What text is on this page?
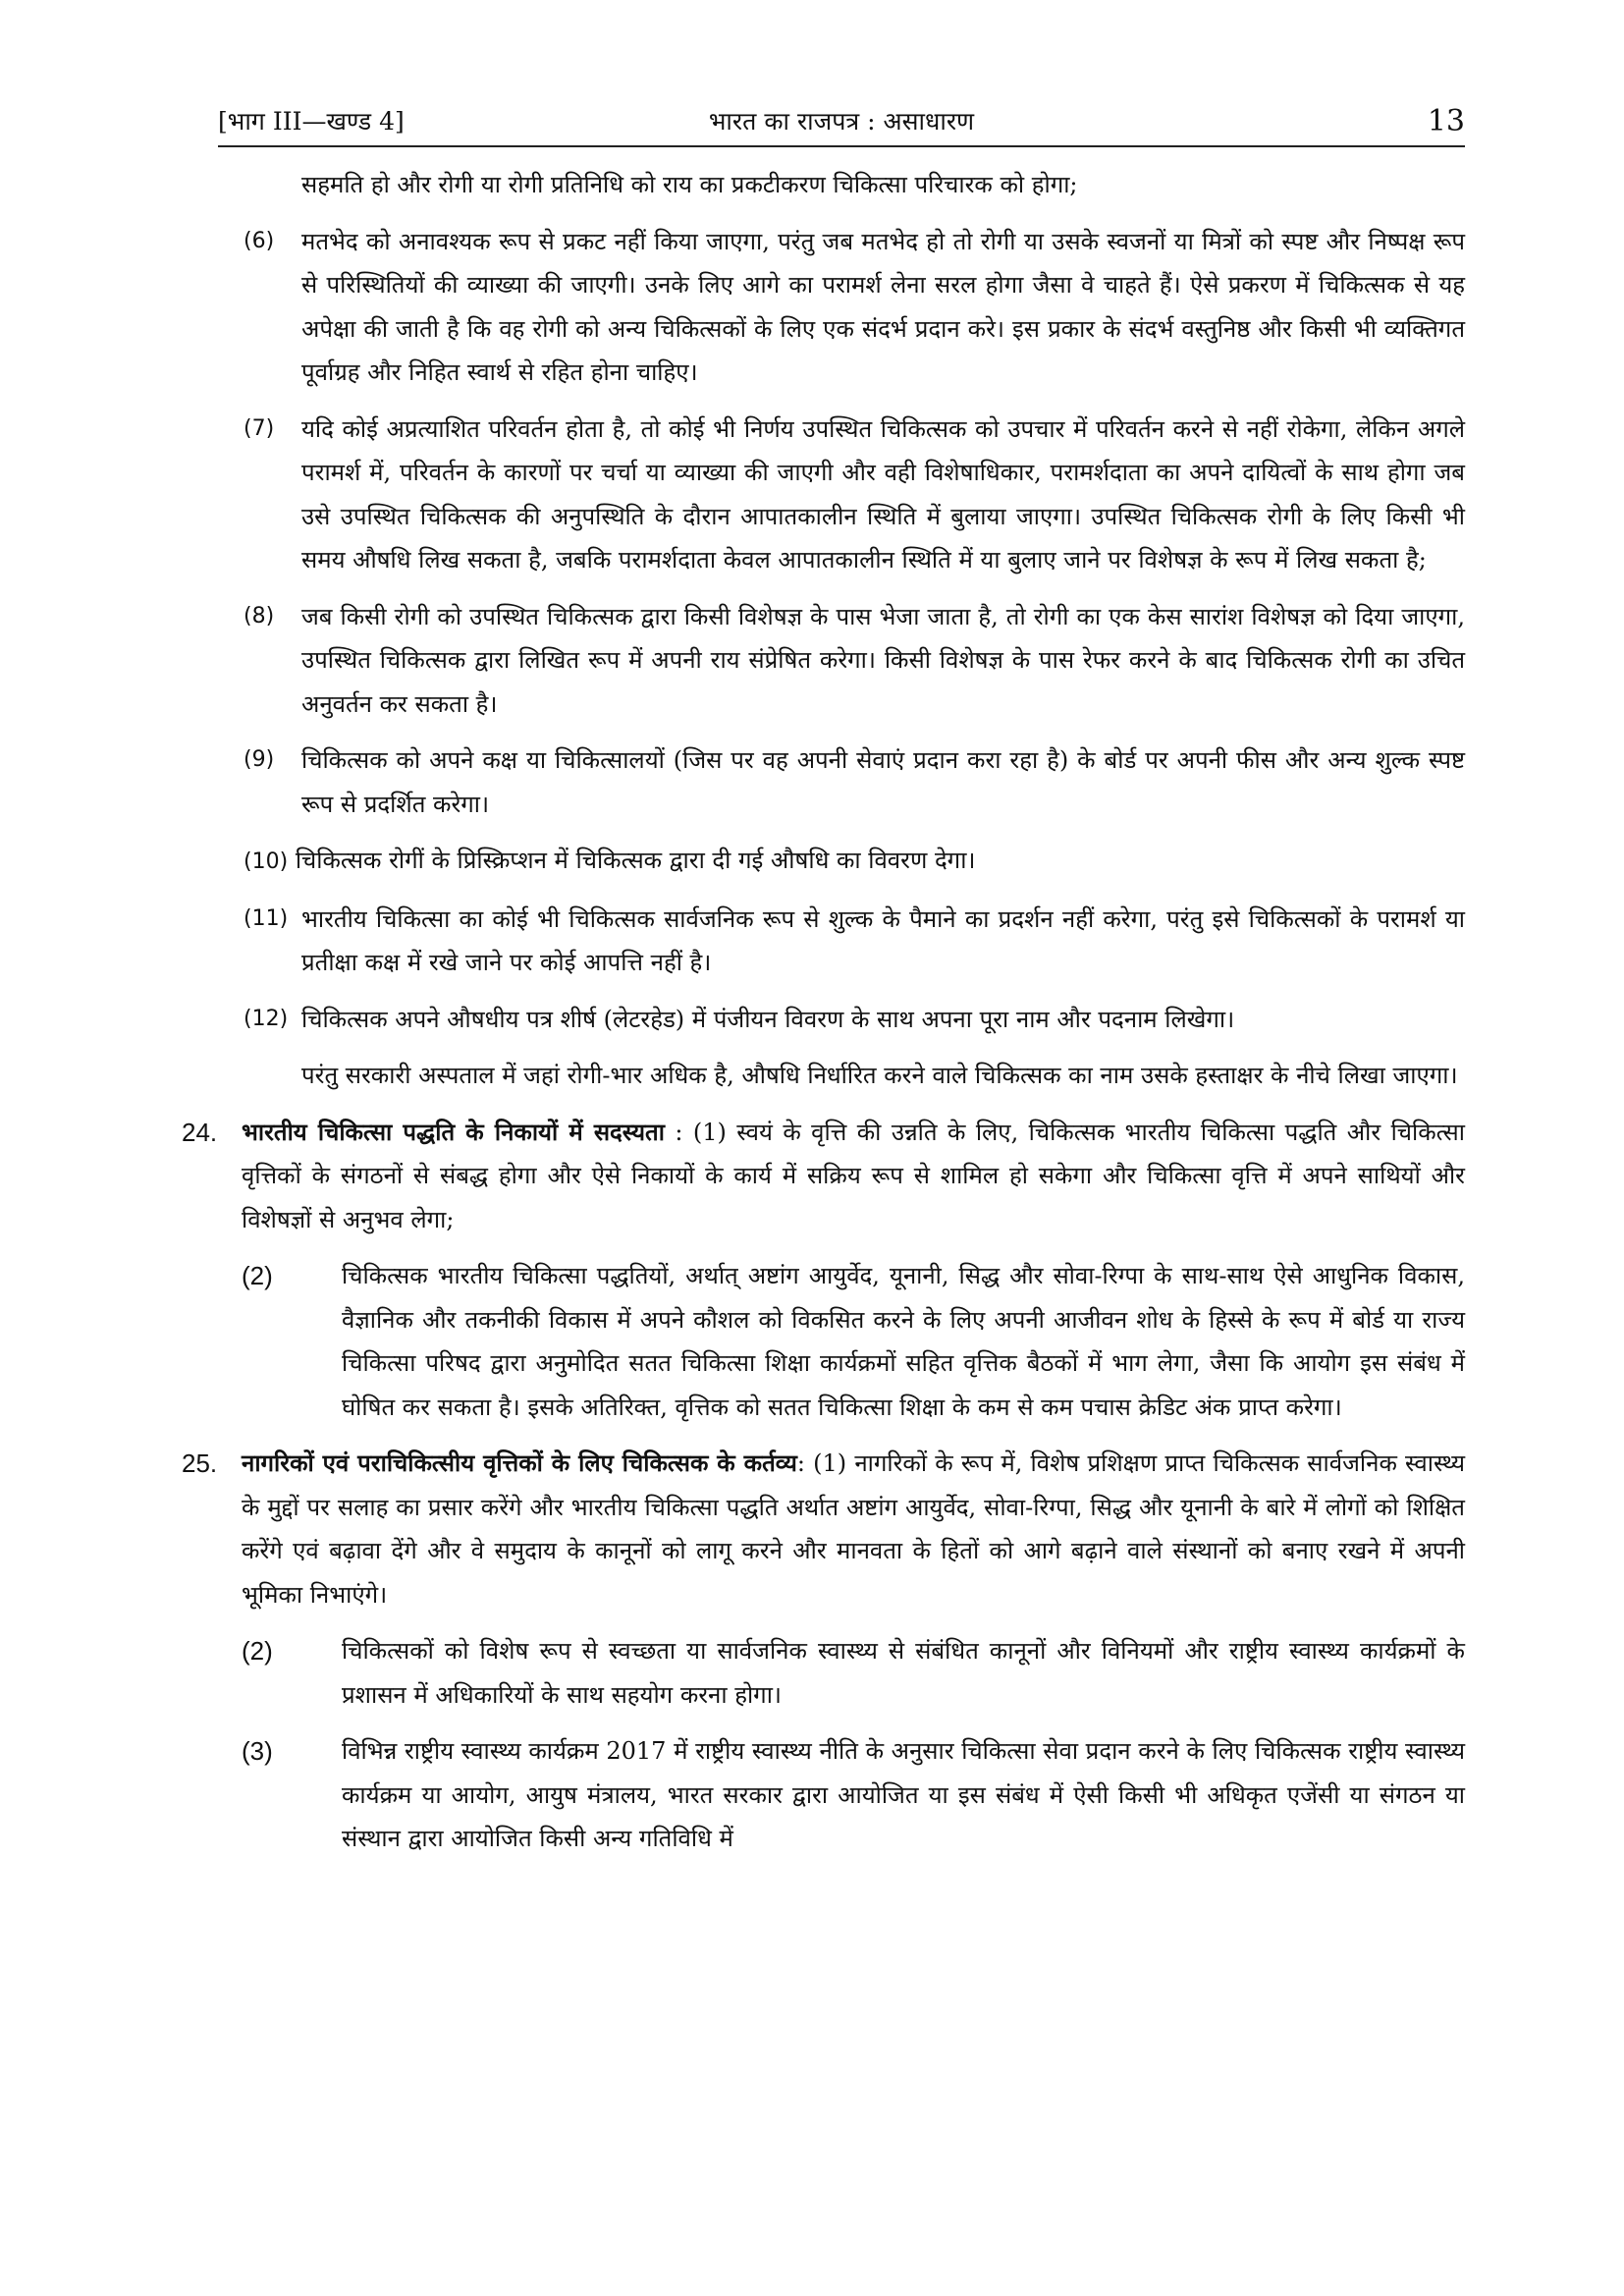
[भाग III—खण्ड 4]	भारत का राजपत्र : असाधारण	13

सहमति हो और रोगी या रोगी प्रतिनिधि को राय का प्रकटीकरण चिकित्सा परिचारक को होगा;

(6) मतभेद को अनावश्यक रूप से प्रकट नहीं किया जाएगा, परंतु जब मतभेद हो तो रोगी या उसके स्वजनों या मित्रों को स्पष्ट और निष्पक्ष रूप से परिस्थितियों की व्याख्या की जाएगी। उनके लिए आगे का परामर्श लेना सरल होगा जैसा वे चाहते हैं। ऐसे प्रकरण में चिकित्सक से यह अपेक्षा की जाती है कि वह रोगी को अन्य चिकित्सकों के लिए एक संदर्भ प्रदान करे। इस प्रकार के संदर्भ वस्तुनिष्ठ और किसी भी व्यक्तिगत पूर्वाग्रह और निहित स्वार्थ से रहित होना चाहिए।

(7) यदि कोई अप्रत्याशित परिवर्तन होता है, तो कोई भी निर्णय उपस्थित चिकित्सक को उपचार में परिवर्तन करने से नहीं रोकेगा, लेकिन अगले परामर्श में, परिवर्तन के कारणों पर चर्चा या व्याख्या की जाएगी और वही विशेषाधिकार, परामर्शदाता का अपने दायित्वों के साथ होगा जब उसे उपस्थित चिकित्सक की अनुपस्थिति के दौरान आपातकालीन स्थिति में बुलाया जाएगा। उपस्थित चिकित्सक रोगी के लिए किसी भी समय औषधि लिख सकता है, जबकि परामर्शदाता केवल आपातकालीन स्थिति में या बुलाए जाने पर विशेषज्ञ के रूप में लिख सकता है;

(8) जब किसी रोगी को उपस्थित चिकित्सक द्वारा किसी विशेषज्ञ के पास भेजा जाता है, तो रोगी का एक केस सारांश विशेषज्ञ को दिया जाएगा, उपस्थित चिकित्सक द्वारा लिखित रूप में अपनी राय संप्रेषित करेगा। किसी विशेषज्ञ के पास रेफर करने के बाद चिकित्सक रोगी का उचित अनुवर्तन कर सकता है।

(9) चिकित्सक को अपने कक्ष या चिकित्सालयों (जिस पर वह अपनी सेवाएं प्रदान करा रहा है) के बोर्ड पर अपनी फीस और अन्य शुल्क स्पष्ट रूप से प्रदर्शित करेगा।

(10) चिकित्सक रोगीं के प्रिस्क्रिप्शन में चिकित्सक द्वारा दी गई औषधि का विवरण देगा।

(11) भारतीय चिकित्सा का कोई भी चिकित्सक सार्वजनिक रूप से शुल्क के पैमाने का प्रदर्शन नहीं करेगा, परंतु इसे चिकित्सकों के परामर्श या प्रतीक्षा कक्ष में रखे जाने पर कोई आपत्ति नहीं है।

(12) चिकित्सक अपने औषधीय पत्र शीर्ष (लेटरहेड) में पंजीयन विवरण के साथ अपना पूरा नाम और पदनाम लिखेगा।

परंतु सरकारी अस्पताल में जहां रोगी-भार अधिक है, औषधि निर्धारित करने वाले चिकित्सक का नाम उसके हस्ताक्षर के नीचे लिखा जाएगा।

24. भारतीय चिकित्सा पद्धति के निकायों में सदस्यता : (1) स्वयं के वृत्ति की उन्नति के लिए, चिकित्सक भारतीय चिकित्सा पद्धति और चिकित्सा वृत्तिकों के संगठनों से संबद्ध होगा और ऐसे निकायों के कार्य में सक्रिय रूप से शामिल हो सकेगा और चिकित्सा वृत्ति में अपने साथियों और विशेषज्ञों से अनुभव लेगा;

(2)	चिकित्सक भारतीय चिकित्सा पद्धतियों, अर्थात् अष्टांग आयुर्वेद, यूनानी, सिद्ध और सोवा-रिग्पा के साथ-साथ ऐसे आधुनिक विकास, वैज्ञानिक और तकनीकी विकास में अपने कौशल को विकसित करने के लिए अपनी आजीवन शोध के हिस्से के रूप में बोर्ड या राज्य चिकित्सा परिषद द्वारा अनुमोदित सतत चिकित्सा शिक्षा कार्यक्रमों सहित वृत्तिक बैठकों में भाग लेगा, जैसा कि आयोग इस संबंध में घोषित कर सकता है। इसके अतिरिक्त, वृत्तिक को सतत चिकित्सा शिक्षा के कम से कम पचास क्रेडिट अंक प्राप्त करेगा।

25. नागरिकों एवं पराचिकित्सीय वृत्तिकों के लिए चिकित्सक के कर्तव्य: (1) नागरिकों के रूप में, विशेष प्रशिक्षण प्राप्त चिकित्सक सार्वजनिक स्वास्थ्य के मुद्दों पर सलाह का प्रसार करेंगे और भारतीय चिकित्सा पद्धति अर्थात अष्टांग आयुर्वेद, सोवा-रिग्पा, सिद्ध और यूनानी के बारे में लोगों को शिक्षित करेंगे एवं बढ़ावा देंगे और वे समुदाय के कानूनों को लागू करने और मानवता के हितों को आगे बढ़ाने वाले संस्थानों को बनाए रखने में अपनी भूमिका निभाएंगे।

(2)	चिकित्सकों को विशेष रूप से स्वच्छता या सार्वजनिक स्वास्थ्य से संबंधित कानूनों और विनियमों और राष्ट्रीय स्वास्थ्य कार्यक्रमों के प्रशासन में अधिकारियों के साथ सहयोग करना होगा।

(3)	विभिन्न राष्ट्रीय स्वास्थ्य कार्यक्रम 2017 में राष्ट्रीय स्वास्थ्य नीति के अनुसार चिकित्सा सेवा प्रदान करने के लिए चिकित्सक राष्ट्रीय स्वास्थ्य कार्यक्रम या आयोग, आयुष मंत्रालय, भारत सरकार द्वारा आयोजित या इस संबंध में ऐसी किसी भी अधिकृत एजेंसी या संगठन या संस्थान द्वारा आयोजित किसी अन्य गतिविधि में
